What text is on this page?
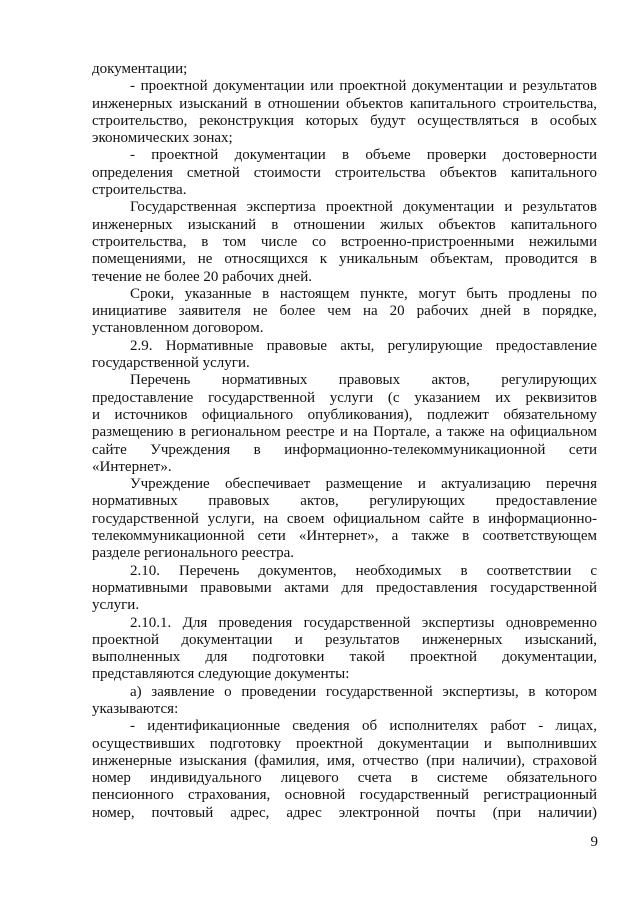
документации;
- проектной документации или проектной документации и результатов
инженерных изысканий в отношении объектов капитального строительства,
строительство, реконструкция которых будут осуществляться в особых
экономических зонах;
- проектной документации в объеме проверки достоверности
определения сметной стоимости строительства объектов капитального
строительства.
Государственная экспертиза проектной документации и результатов
инженерных изысканий в отношении жилых объектов капитального
строительства, в том числе со встроенно-пристроенными нежилыми
помещениями, не относящихся к уникальным объектам, проводится в
течение не более 20 рабочих дней.
Сроки, указанные в настоящем пункте, могут быть продлены по
инициативе заявителя не более чем на 20 рабочих дней в порядке,
установленном договором.
2.9. Нормативные правовые акты, регулирующие предоставление
государственной услуги.
Перечень нормативных правовых актов, регулирующих
предоставление государственной услуги (с указанием их реквизитов
и источников официального опубликования), подлежит обязательному
размещению в региональном реестре и на Портале, а также на официальном
сайте Учреждения в информационно-телекоммуникационной сети
«Интернет».
Учреждение обеспечивает размещение и актуализацию перечня
нормативных правовых актов, регулирующих предоставление
государственной услуги, на своем официальном сайте в информационно-
телекоммуникационной сети «Интернет», а также в соответствующем
разделе регионального реестра.
2.10. Перечень документов, необходимых в соответствии с
нормативными правовыми актами для предоставления государственной
услуги.
2.10.1. Для проведения государственной экспертизы одновременно
проектной документации и результатов инженерных изысканий,
выполненных для подготовки такой проектной документации,
представляются следующие документы:
а) заявление о проведении государственной экспертизы, в котором
указываются:
- идентификационные сведения об исполнителях работ - лицах,
осуществивших подготовку проектной документации и выполнивших
инженерные изыскания (фамилия, имя, отчество (при наличии), страховой
номер индивидуального лицевого счета в системе обязательного
пенсионного страхования, основной государственный регистрационный
номер, почтовый адрес, адрес электронной почты (при наличии)
9
